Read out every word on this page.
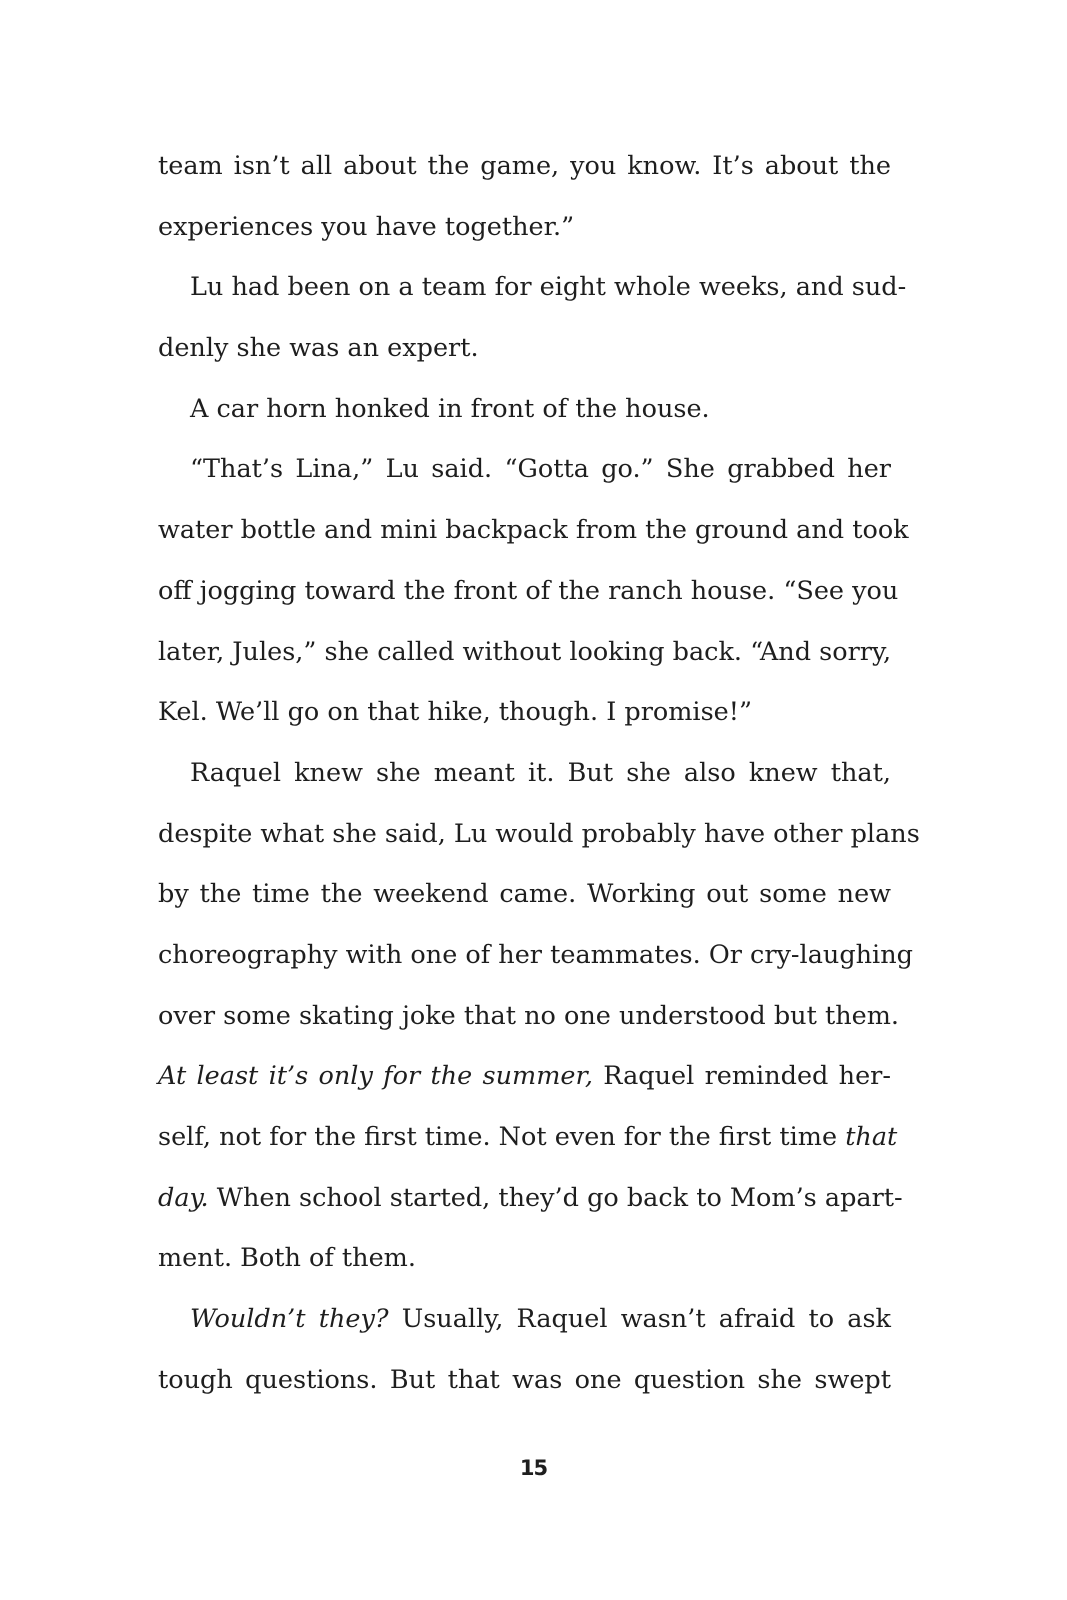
team isn’t all about the game, you know. It’s about the
experiences you have together.”
Lu had been on a team for eight whole weeks, and sud-
denly she was an expert.
A car horn honked in front of the house.
“That’s Lina,” Lu said. “Gotta go.” She grabbed her
water bottle and mini backpack from the ground and took
off jogging toward the front of the ranch house. “See you
later, Jules,” she called without looking back. “And sorry,
Kel. We’ll go on that hike, though. I promise!”
Raquel knew she meant it. But she also knew that,
despite what she said, Lu would probably have other plans
by the time the weekend came. Working out some new
choreography with one of her teammates. Or cry-laughing
over some skating joke that no one understood but them.
At least it’s only for the summer, Raquel reminded her-
self, not for the first time. Not even for the first time that
day. When school started, they’d go back to Mom’s apart-
ment. Both of them.
Wouldn’t they? Usually, Raquel wasn’t afraid to ask
tough questions. But that was one question she swept
15
